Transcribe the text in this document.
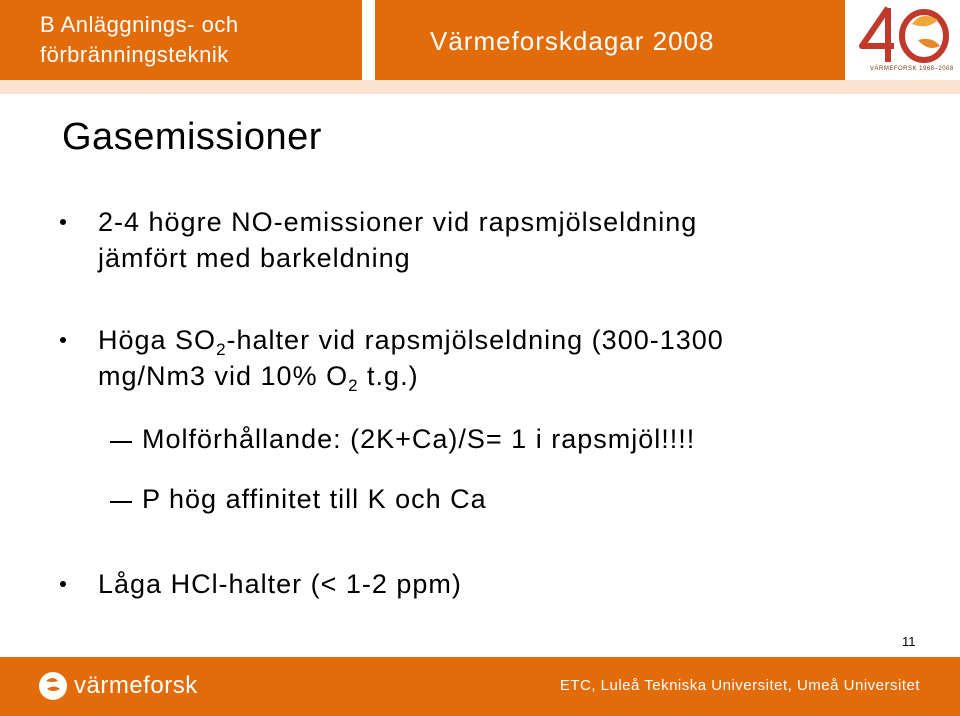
B Anläggnings- och
förbränningsteknik	Värmeforskdagar 2008
VÄRMEFORSK 1968–2008
Gasemissioner
2-4 högre NO-emissioner vid rapsmjölseldning
jämfört med barkeldning
Höga $SO_2$-halter vid rapsmjölseldning (300-1300
mg/Nm3 vid 10% $O_2$ t.g.)
Molförhållande: (2K+Ca)/S= 1 i rapsmjöl!!!!
P hög affinitet till K och Ca
Låga HCl-halter (< 1-2 ppm)
11
värmeforsk	ETC, Luleå Tekniska Universitet, Umeå Universitet
